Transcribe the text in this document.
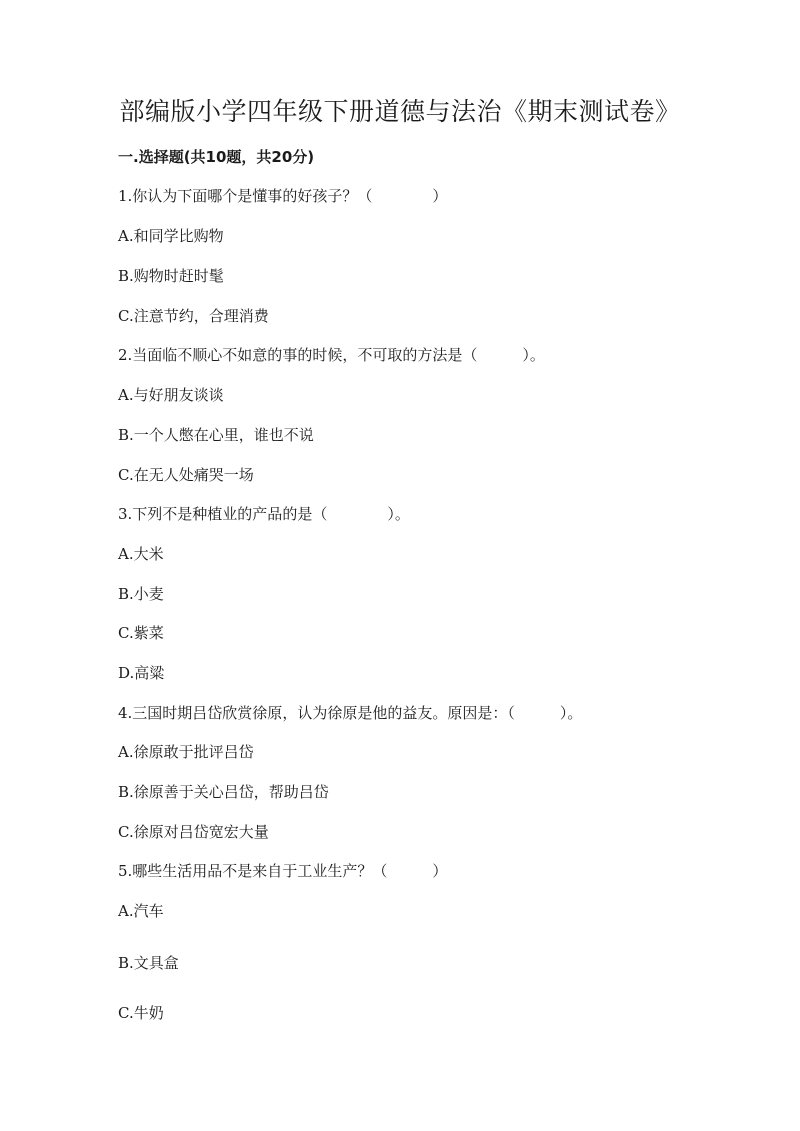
部编版小学四年级下册道德与法治《期末测试卷》
一.选择题(共10题，共20分)

1.你认为下面哪个是懂事的好孩子？（　　　　）

A.和同学比购物

B.购物时赶时髦

C.注意节约，合理消费

2.当面临不顺心不如意的事的时候，不可取的方法是（　　　）。

A.与好朋友谈谈

B.一个人憋在心里，谁也不说

C.在无人处痛哭一场

3.下列不是种植业的产品的是（　　　　）。

A.大米

B.小麦

C.紫菜

D.高粱

4.三国时期吕岱欣赏徐原，认为徐原是他的益友。原因是：（　　　）。

A.徐原敢于批评吕岱

B.徐原善于关心吕岱，帮助吕岱

C.徐原对吕岱宽宏大量

5.哪些生活用品不是来自于工业生产？（　　　）

A.汽车

B.文具盒

C.牛奶
